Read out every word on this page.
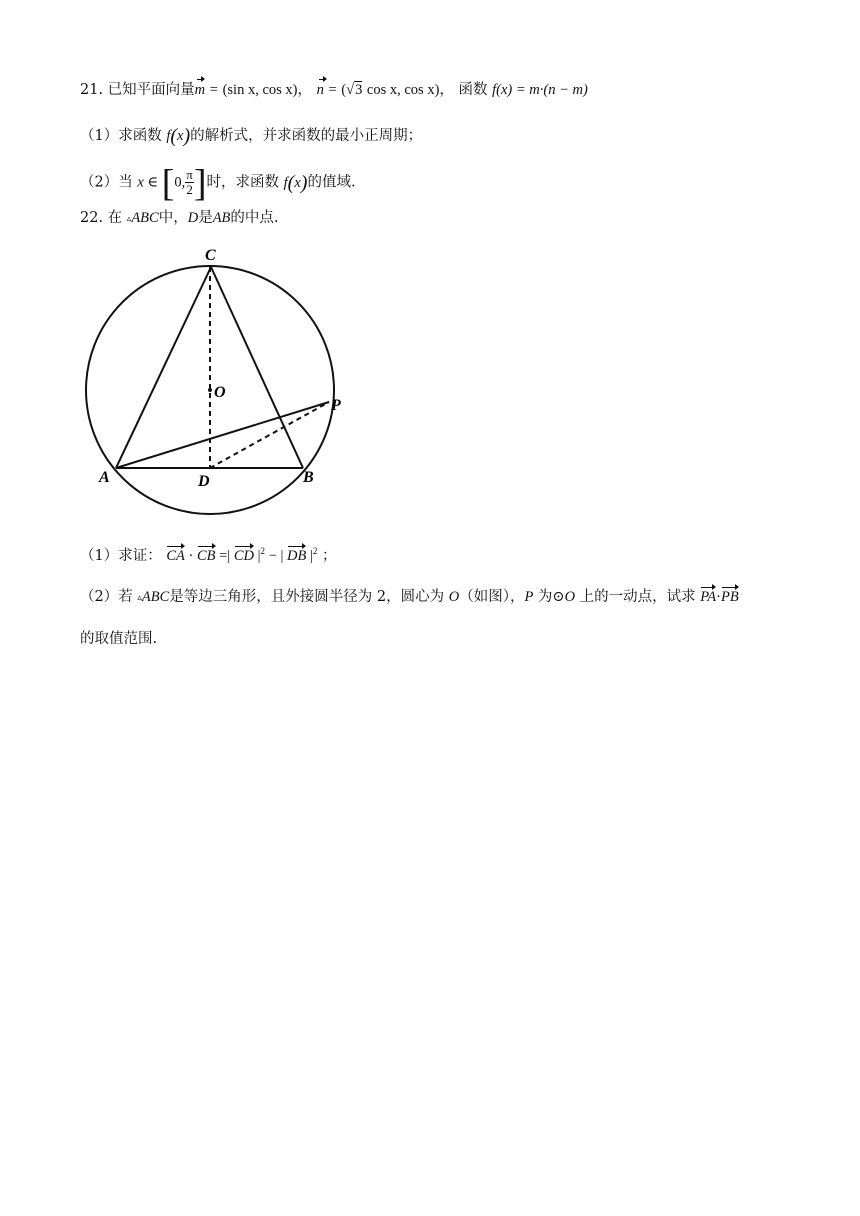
21. 已知平面向量m = (sin x, cos x)， n = (√3 cos x, cos x)， 函数 f(x) = m·(n − m)
（1）求函数 f(x)的解析式，并求函数的最小正周期；
（2）当 x ∈ [0, $\frac{\pi}{2}$ ]时，求函数 f(x)的值域.
22. 在 ▵ABC中，D是AB的中点.
C
O
P
A	D	B
（1）求证： CA · CB =| CD $|^2$ − | DB $|^2$ ；
（2）若 ▵ABC是等边三角形，且外接圆半径为 2，圆心为 O（如图），P 为⊙O 上的一动点，试求 PA·PB
的取值范围.
